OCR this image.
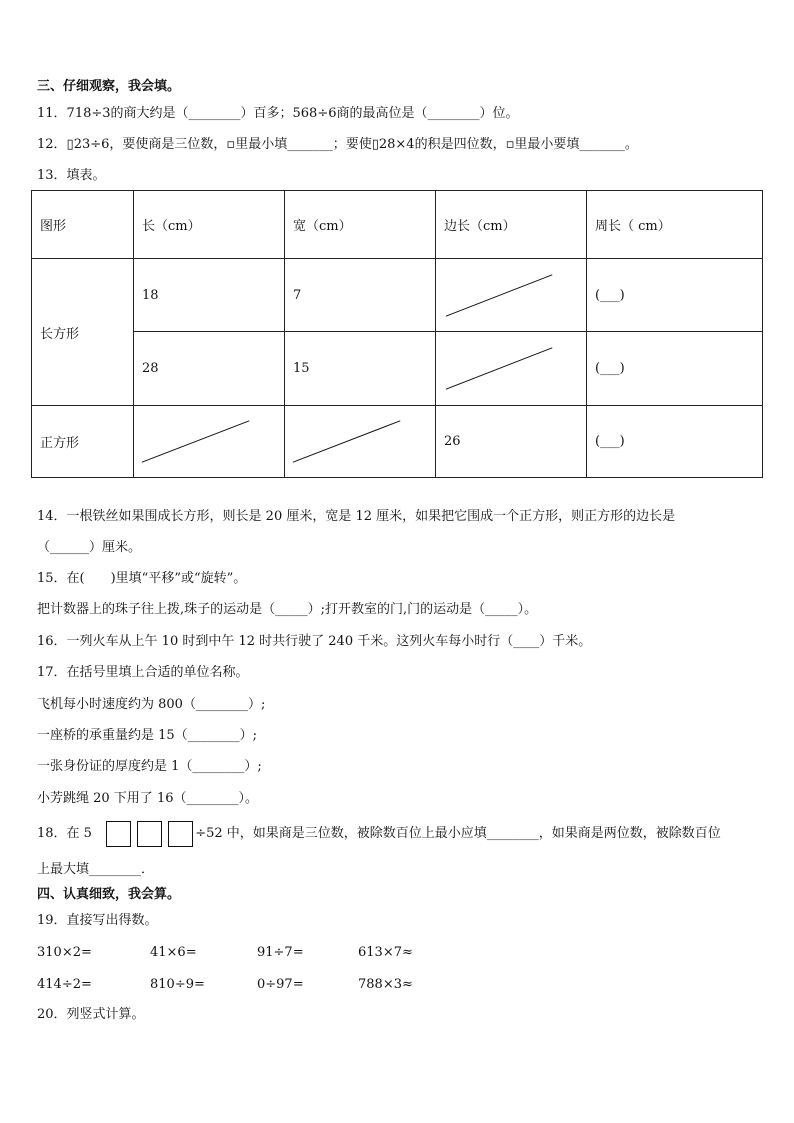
三、仔细观察，我会填。
11．718÷3的商大约是（________）百多；568÷6商的最高位是（________）位。
12．▯23÷6，要使商是三位数，▫里最小填_______；要使▯28×4的积是四位数，▫里最小要填_______。
13．填表。
图形	长（cm）	宽（cm）	边长（cm）	周长（ cm）
长方形	18	7		(___)
	28	15		(___)
正方形			26	(___)
14．一根铁丝如果围成长方形，则长是 20 厘米，宽是 12 厘米，如果把它围成一个正方形，则正方形的边长是
（______）厘米。
15．在(　　)里填“平移”或“旋转”。
把计数器上的珠子往上拨,珠子的运动是（_____）;打开教室的门,门的运动是（_____）。
16．一列火车从上午 10 时到中午 12 时共行驶了 240 千米。这列火车每小时行（____）千米。
17．在括号里填上合适的单位名称。
飞机每小时速度约为 800（________）;
一座桥的承重量约是 15（________）;
一张身份证的厚度约是 1（________）;
小芳跳绳 20 下用了 16（________）。
18．在 5	÷52 中，如果商是三位数，被除数百位上最小应填________，如果商是两位数，被除数百位
上最大填________．
四、认真细致，我会算。
19．直接写出得数。
310×2=	41×6=	91÷7=	613×7≈
414÷2=	810÷9=	0÷97=	788×3≈
20．列竖式计算。
